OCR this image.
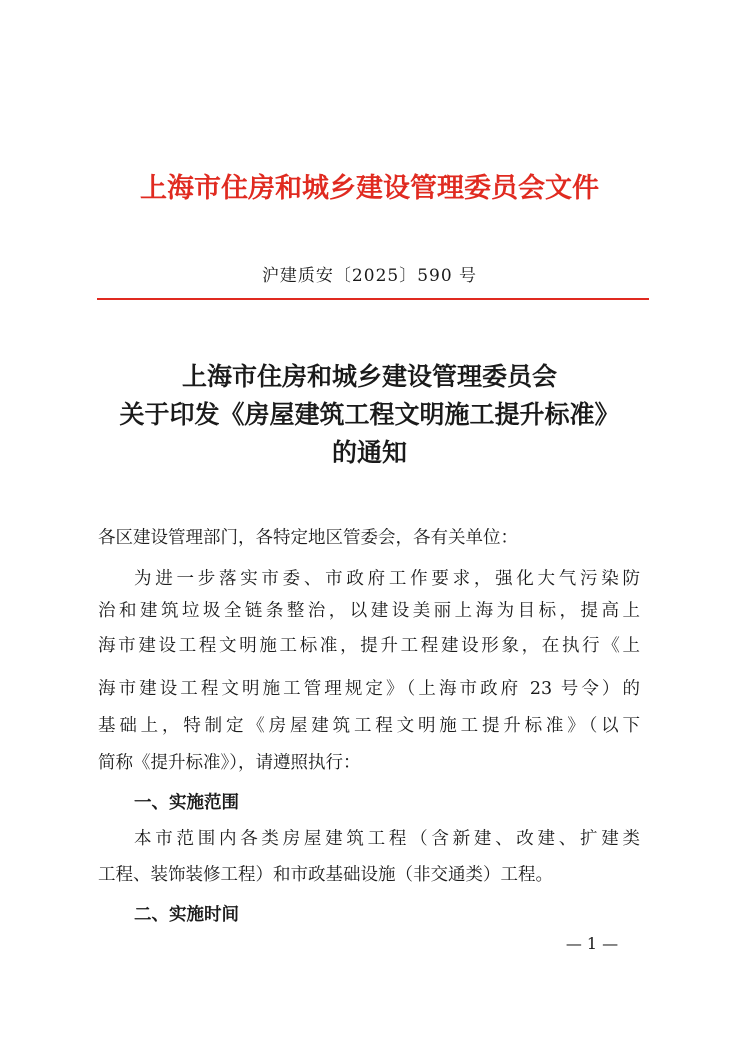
上海市住房和城乡建设管理委员会文件
沪建质安〔2025〕590 号
上海市住房和城乡建设管理委员会
关于印发《房屋建筑工程文明施工提升标准》
的通知
各区建设管理部门，各特定地区管委会，各有关单位：
为进一步落实市委、市政府工作要求，强化大气污染防
治和建筑垃圾全链条整治，以建设美丽上海为目标，提高上
海市建设工程文明施工标准，提升工程建设形象，在执行《上
海市建设工程文明施工管理规定》（上海市政府 23 号令）的
基础上，特制定《房屋建筑工程文明施工提升标准》（以下
简称《提升标准》），请遵照执行：
一、实施范围
本市范围内各类房屋建筑工程（含新建、改建、扩建类
工程、装饰装修工程）和市政基础设施（非交通类）工程。
二、实施时间
— 1 —
